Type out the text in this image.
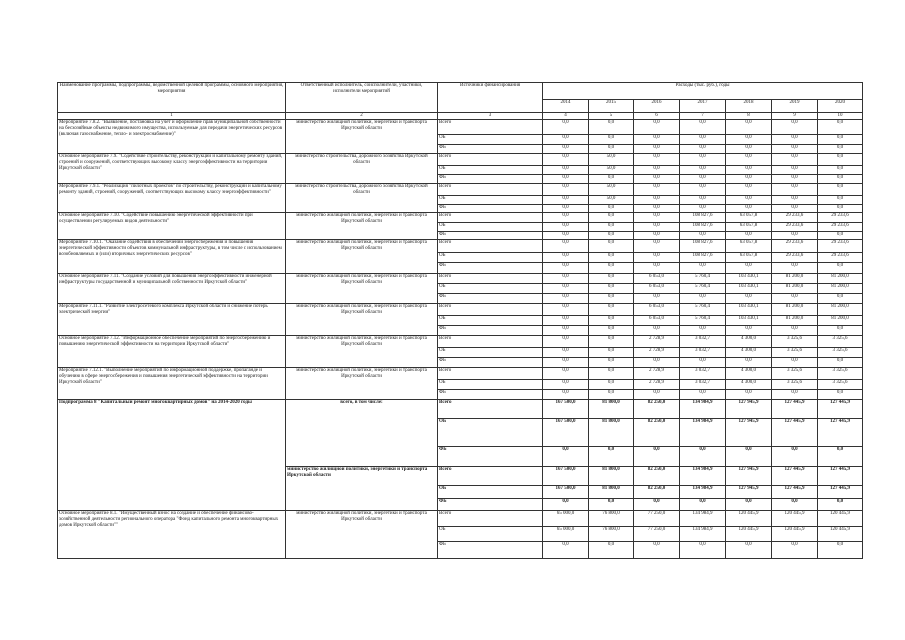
Наименование программы, подпрограммы, ведомственной целевой программы, основного мероприятия, мероприятия	Ответственный исполнитель, соисполнители, участники, исполнители мероприятий	Источники финансирования	Расходы (тыс. руб.), годы						
			2014	2015	2016	2017	2018	2019	2020
1	2	3	4	5	6	7	8	9	10
Мероприятие 7.8.2. "Выявление, постановка на учет и оформление прав муниципальной собственности на бесхозяйные объекты недвижимого имущества, используемые для передачи энергетических ресурсов (включая газоснабжение, тепло- и электроснабжение)"	министерство жилищной политики, энергетики и транспорта Иркутской области	Всего	0,0	0,0	0,0	0,0	0,0	0,0	0,0
		ОБ	0,0	0,0	0,0	0,0	0,0	0,0	0,0
		ФБ	0,0	0,0	0,0	0,0	0,0	0,0	0,0
Основное мероприятие 7.9. "Содействие строительству, реконструкции и капитальному ремонту зданий, строений и сооружений, соответствующих высокому классу энергоэффективности на территории Иркутской области"	министерство строительства, дорожного хозяйства Иркутской области	Всего	0,0	50,0	0,0	0,0	0,0	0,0	0,0
		ОБ	0,0	50,0	0,0	0,0	0,0	0,0	0,0
		ФБ	0,0	0,0	0,0	0,0	0,0	0,0	0,0
Мероприятие 7.9.1. "Реализация "пилотных проектов" по строительству, реконструкции и капитальному ремонту зданий, строений, сооружений, соответствующих высокому классу энергоэффективности"	министерство строительства, дорожного хозяйства Иркутской области	Всего	0,0	50,0	0,0	0,0	0,0	0,0	0,0
		ОБ	0,0	50,0	0,0	0,0	0,0	0,0	0,0
		ФБ	0,0	0,0	0,0	0,0	0,0	0,0	0,0
Основное мероприятие 7.10. "Содействие повышению энергетической эффективности при осуществлении регулируемых видов деятельности"	министерство жилищной политики, энергетики и транспорта Иркутской области	Всего	0,0	0,0	0,0	108 827,6	63 057,8	29 233,6	29 233,6
		ОБ	0,0	0,0	0,0	108 827,6	63 057,8	29 233,6	29 233,6
		ФБ	0,0	0,0	0,0	0,0	0,0	0,0	0,0
Мероприятие 7.10.1. "Оказание содействия в обеспечении энергосбережения и повышения энергетической эффективности объектов коммунальной инфраструктуры, в том числе с использованием возобновляемых и (или) вторичных энергетических ресурсов"	министерство жилищной политики, энергетики и транспорта Иркутской области	Всего	0,0	0,0	0,0	108 827,6	63 057,8	29 233,6	29 233,6
		ОБ	0,0	0,0	0,0	108 827,6	63 057,8	29 233,6	29 233,6
		ФБ	0,0	0,0	0,0	0,0	0,0	0,0	0,0
Основное мероприятие 7.11. "Создание условий для повышения энергоэффективности инженерной инфраструктуры государственной и муниципальной собственности Иркутской области"	министерство жилищной политики, энергетики и транспорта Иркутской области	Всего	0,0	0,0	6 053,0	5 760,4	103 430,1	81 200,0	81 200,0
		ОБ	0,0	0,0	6 053,0	5 760,4	103 430,1	81 200,0	81 200,0
		ФБ	0,0	0,0	0,0	0,0	0,0	0,0	0,0
Мероприятие 7.11.1. "Развитие электросетевого комплекса Иркутской области и снижение потерь электрической энергии"	министерство жилищной политики, энергетики и транспорта Иркутской области	Всего	0,0	0,0	6 053,0	5 760,4	103 430,1	81 200,0	81 200,0
		ОБ	0,0	0,0	6 053,0	5 760,4	103 430,1	81 200,0	81 200,0
		ФБ	0,0	0,0	0,0	0,0	0,0	0,0	0,0
Основное мероприятие 7.12. "Информационное обеспечение мероприятий по энергосбережению и повышению энергетической эффективности на территории Иркутской области"	министерство жилищной политики, энергетики и транспорта Иркутской области	Всего	0,0	0,0	2 728,9	3 032,7	4 300,0	3 325,6	3 325,6
		ОБ	0,0	0,0	2 728,9	3 032,7	4 300,0	3 325,6	3 325,6
		ФБ	0,0	0,0	0,0	0,0	0,0	0,0	0,0
Мероприятие 7.12.1. "Выполнение мероприятий по информационной поддержке, пропаганде и обучению в сфере энергосбережения и повышения энергетической эффективности на территории Иркутской области"	министерство жилищной политики, энергетики и транспорта Иркутской области	Всего	0,0	0,0	2 728,9	3 032,7	4 300,0	3 325,6	3 325,6
		ОБ	0,0	0,0	2 728,9	3 032,7	4 300,0	3 325,6	3 325,6
		ФБ	0,0	0,0	0,0	0,0	0,0	0,0	0,0
Подпрограмма 8 "Капитальный ремонт многоквартирных домов" на 2014-2020 годы	всего, в том числе:	Всего	167 500,0	81 800,0	82 250,0	134 984,9	127 945,9	127 445,9	127 445,9
		ОБ	167 500,0	81 800,0	82 250,0	134 984,9	127 945,9	127 445,9	127 445,9
		ФБ	0,0	0,0	0,0	0,0	0,0	0,0	0,0
	министерство жилищной политики, энергетики и транспорта Иркутской области	Всего	167 500,0	81 800,0	82 250,0	134 984,9	127 945,9	127 445,9	127 445,9
		ОБ	167 500,0	81 800,0	82 250,0	134 984,9	127 945,9	127 445,9	127 445,9
		ФБ	0,0	0,0	0,0	0,0	0,0	0,0	0,0
Основное мероприятие 8.1. "Имущественный взнос на создание и обеспечение финансово-хозяйственной деятельности регионального оператора "Фонд капитального ремонта многоквартирных домов Иркутской области""	министерство жилищной политики, энергетики и транспорта Иркутской области	Всего	65 000,0	76 800,0	77 250,0	134 984,9	120 445,9	120 445,9	120 445,9
		ОБ	65 000,0	76 800,0	77 250,0	134 984,9	120 445,9	120 445,9	120 445,9
		ФБ	0,0	0,0	0,0	0,0	0,0	0,0	0,0
